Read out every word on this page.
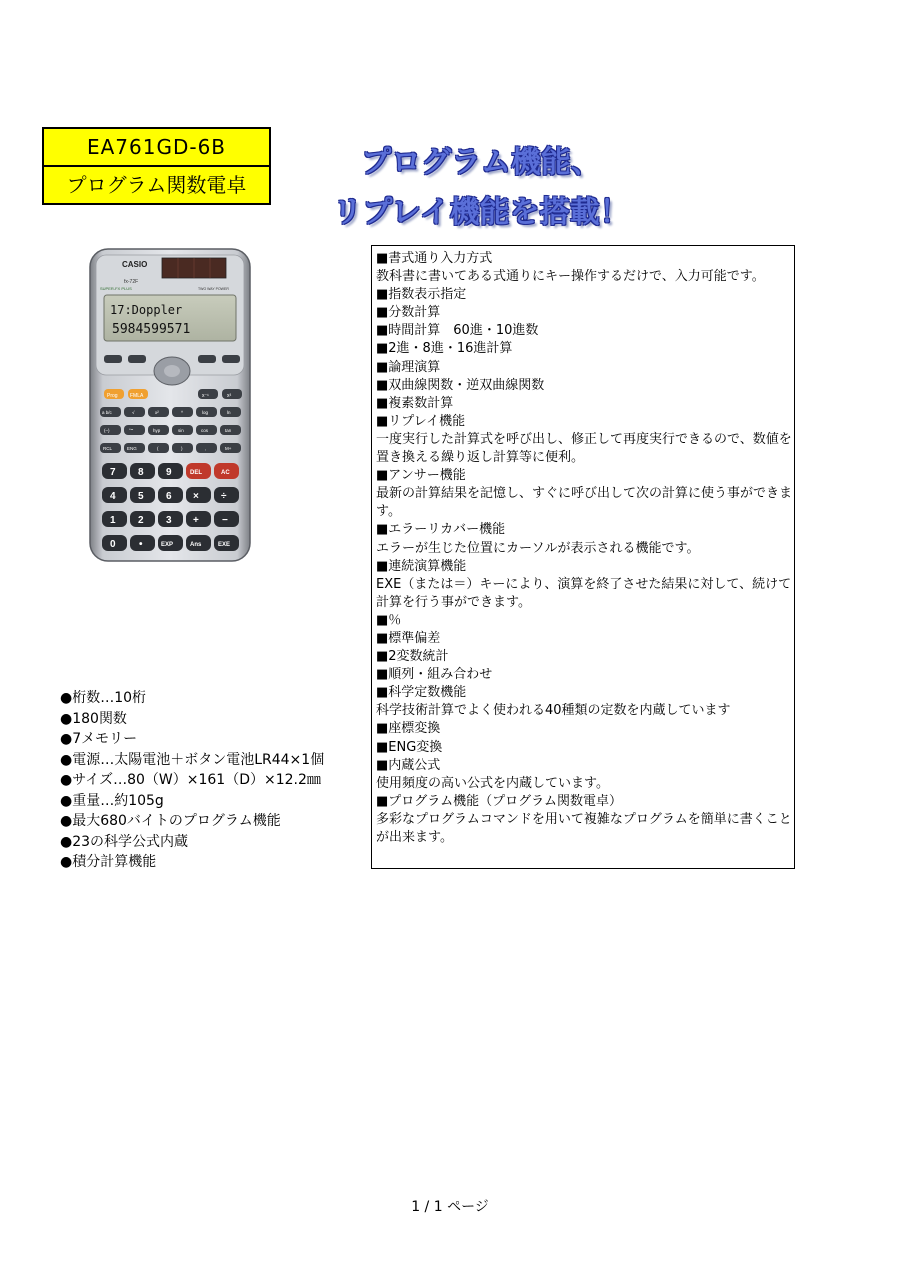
EA761GD-6B
プログラム関数電卓
プログラム機能、
リプレイ機能を搭載！
CASIO
fx-72F
SUPER-FX PLUS	TWO WAY POWER
17:Doppler
5984599571
Prog FMLA	x⁻¹	x³
a b/c	√	x²	^	log	ln
(–)	°'"	hyp	sin	cos	tan
RCL	ENG	(	)	,	M+
7 8 9	DEL	AC
4 5 6 × ÷
1 2 3 + −
0 •	EXP	Ans	EXE
●桁数…10桁
●180関数
●7メモリー
●電源…太陽電池＋ボタン電池LR44×1個
●サイズ…80（W）×161（D）×12.2㎜
●重量…約105g
●最大680バイトのプログラム機能
●23の科学公式内蔵
●積分計算機能
■書式通り入力方式
教科書に書いてある式通りにキー操作するだけで、入力可能です。
■指数表示指定
■分数計算
■時間計算　60進・10進数
■2進・8進・16進計算
■論理演算
■双曲線関数・逆双曲線関数
■複素数計算
■リプレイ機能
一度実行した計算式を呼び出し、修正して再度実行できるので、数値を置き換える繰り返し計算等に便利。
■アンサー機能
最新の計算結果を記憶し、すぐに呼び出して次の計算に使う事ができます。
■エラーリカバー機能
エラーが生じた位置にカーソルが表示される機能です。
■連続演算機能
EXE（または＝）キーにより、演算を終了させた結果に対して、続けて計算を行う事ができます。
■％
■標準偏差
■2変数統計
■順列・組み合わせ
■科学定数機能
科学技術計算でよく使われる40種類の定数を内蔵しています
■座標変換
■ENG変換
■内蔵公式
使用頻度の高い公式を内蔵しています。
■プログラム機能（プログラム関数電卓）
多彩なプログラムコマンドを用いて複雑なプログラムを簡単に書くことが出来ます。
1 / 1 ページ
